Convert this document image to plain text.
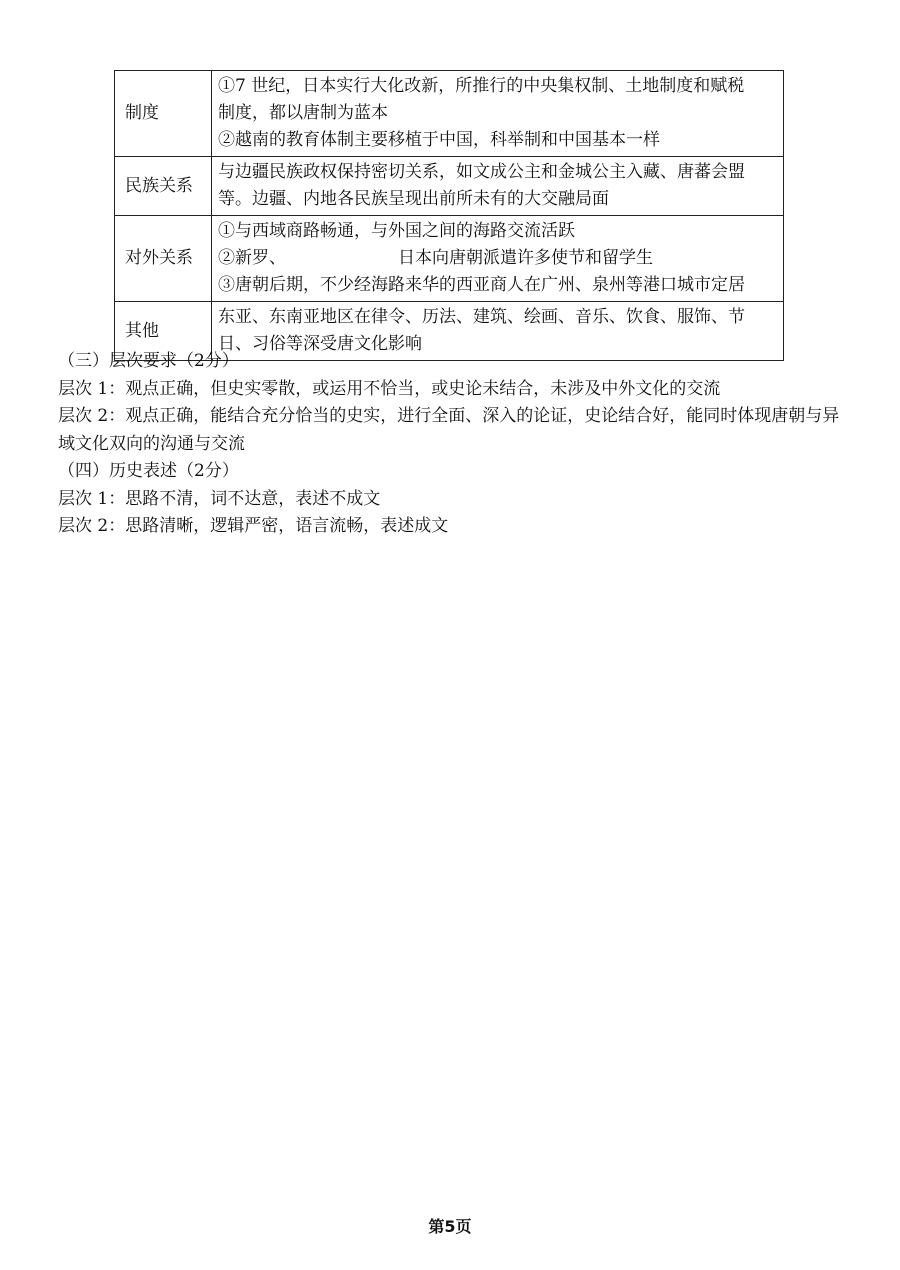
制度	①7 世纪，日本实行大化改新，所推行的中央集权制、土地制度和赋税
制度，都以唐制为蓝本
②越南的教育体制主要移植于中国，科举制和中国基本一样

民族关系	与边疆民族政权保持密切关系，如文成公主和金城公主入藏、唐蕃会盟
等。边疆、内地各民族呈现出前所未有的大交融局面

对外关系	①与西域商路畅通，与外国之间的海路交流活跃
②新罗、 日本向唐朝派遣许多使节和留学生
③唐朝后期，不少经海路来华的西亚商人在广州、泉州等港口城市定居

其他	东亚、东南亚地区在律令、历法、建筑、绘画、音乐、饮食、服饰、节
日、习俗等深受唐文化影响

（三）层次要求（2分）

层次 1：观点正确，但史实零散，或运用不恰当，或史论未结合，未涉及中外文化的交流

层次 2：观点正确，能结合充分恰当的史实，进行全面、深入的论证，史论结合好，能同时体现唐朝与异域文化双向的沟通与交流

（四）历史表述（2分）

层次 1：思路不清，词不达意，表述不成文

层次 2：思路清晰，逻辑严密，语言流畅，表述成文

第5页
